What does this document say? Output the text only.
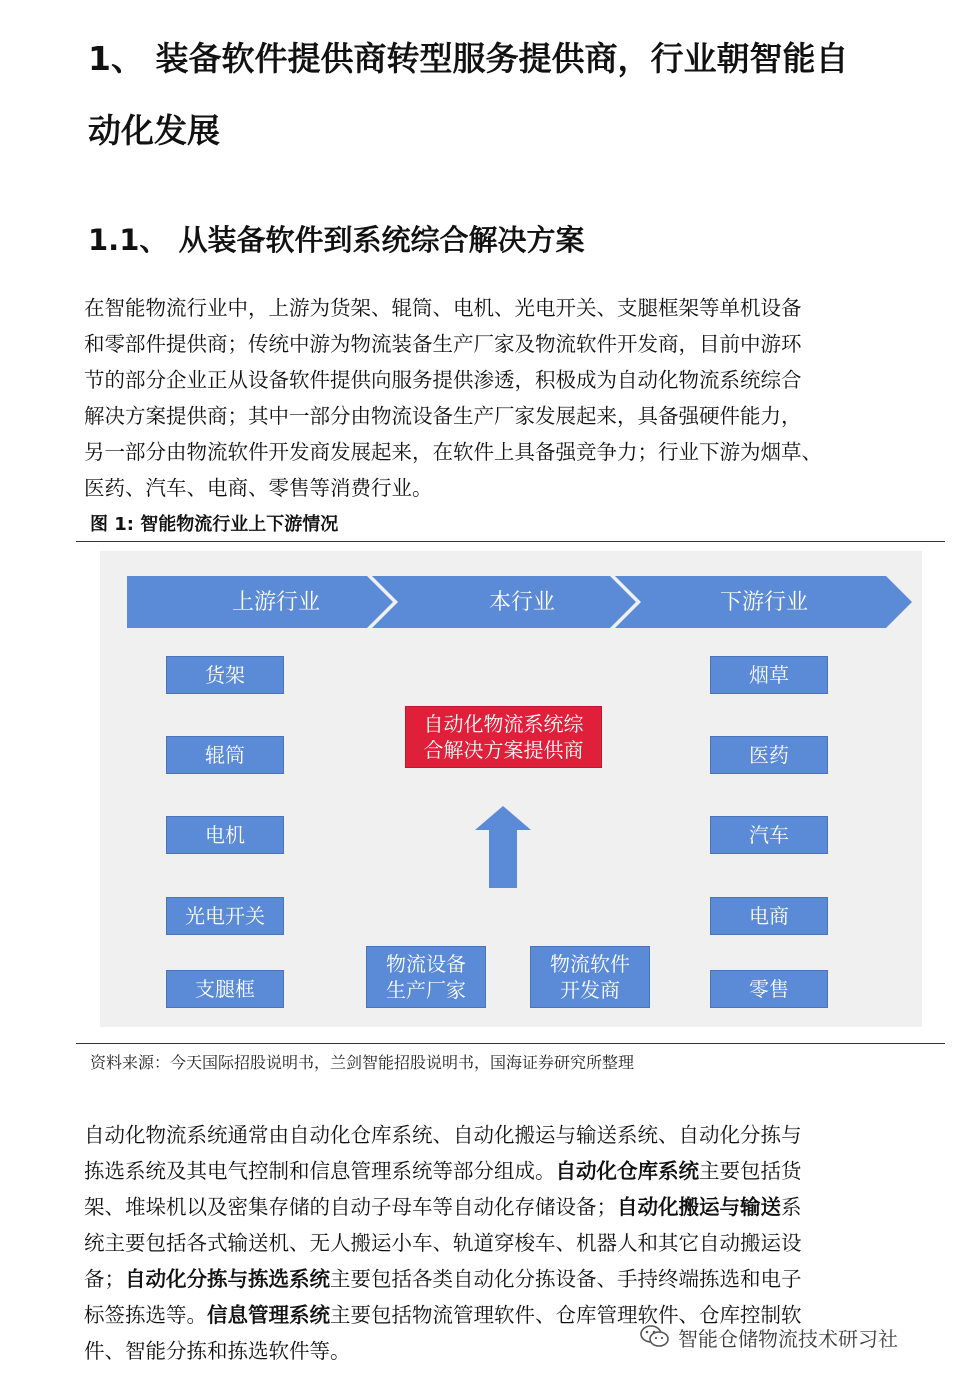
1、 装备软件提供商转型服务提供商，行业朝智能自
动化发展
1.1、 从装备软件到系统综合解决方案

在智能物流行业中，上游为货架、辊筒、电机、光电开关、支腿框架等单机设备
和零部件提供商；传统中游为物流装备生产厂家及物流软件开发商，目前中游环
节的部分企业正从设备软件提供向服务提供渗透，积极成为自动化物流系统综合
解决方案提供商；其中一部分由物流设备生产厂家发展起来，具备强硬件能力，
另一部分由物流软件开发商发展起来，在软件上具备强竞争力；行业下游为烟草、
医药、汽车、电商、零售等消费行业。

图 1: 智能物流行业上下游情况
上游行业	本行业	下游行业
货架
辊筒
电机
光电开关
支腿框
烟草
医药
汽车
电商
零售
自动化物流系统综
合解决方案提供商
物流设备
生产厂家
物流软件
开发商
资料来源：今天国际招股说明书，兰剑智能招股说明书，国海证券研究所整理

自动化物流系统通常由自动化仓库系统、自动化搬运与输送系统、自动化分拣与
拣选系统及其电气控制和信息管理系统等部分组成。自动化仓库系统主要包括货
架、堆垛机以及密集存储的自动子母车等自动化存储设备；自动化搬运与输送系
统主要包括各式输送机、无人搬运小车、轨道穿梭车、机器人和其它自动搬运设
备；自动化分拣与拣选系统主要包括各类自动化分拣设备、手持终端拣选和电子
标签拣选等。信息管理系统主要包括物流管理软件、仓库管理软件、仓库控制软
件、智能分拣和拣选软件等。

智能仓储物流技术研习社
